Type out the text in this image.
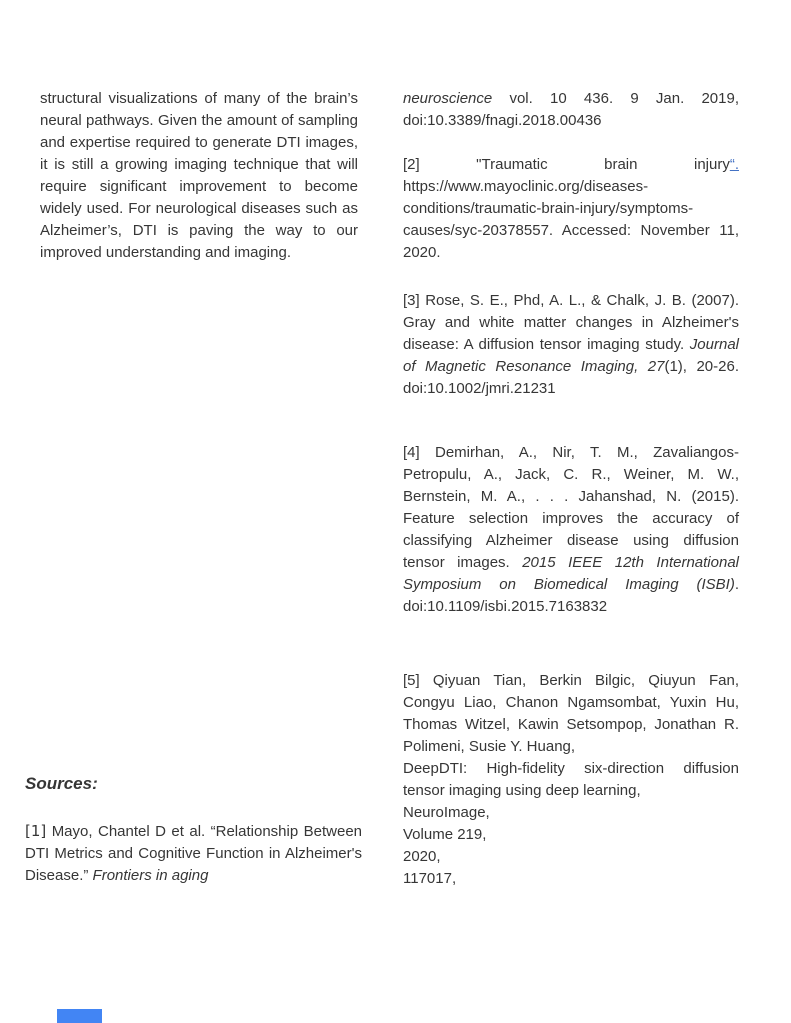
structural visualizations of many of the brain’s neural pathways. Given the amount of sampling and expertise required to generate DTI images, it is still a growing imaging technique that will require significant improvement to become widely used. For neurological diseases such as Alzheimer’s, DTI is paving the way to our improved understanding and imaging.

Sources:

[1] Mayo, Chantel D et al. “Relationship Between DTI Metrics and Cognitive Function in Alzheimer's Disease.” Frontiers in aging

neuroscience vol. 10 436. 9 Jan. 2019, doi:10.3389/fnagi.2018.00436

[2] "Traumatic brain injury“. https://www.mayoclinic.org/diseases-conditions/traumatic-brain-injury/symptoms-causes/syc-20378557. Accessed: November 11, 2020.

[3] Rose, S. E., Phd, A. L., & Chalk, J. B. (2007). Gray and white matter changes in Alzheimer's disease: A diffusion tensor imaging study. Journal of Magnetic Resonance Imaging, 27(1), 20-26. doi:10.1002/jmri.21231

[4] Demirhan, A., Nir, T. M., Zavaliangos-Petropulu, A., Jack, C. R., Weiner, M. W., Bernstein, M. A., . . . Jahanshad, N. (2015). Feature selection improves the accuracy of classifying Alzheimer disease using diffusion tensor images. 2015 IEEE 12th International Symposium on Biomedical Imaging (ISBI). doi:10.1109/isbi.2015.7163832

[5] Qiyuan Tian, Berkin Bilgic, Qiuyun Fan, Congyu Liao, Chanon Ngamsombat, Yuxin Hu, Thomas Witzel, Kawin Setsompop, Jonathan R. Polimeni, Susie Y. Huang,

DeepDTI: High-fidelity six-direction diffusion tensor imaging using deep learning,

NeuroImage,

Volume 219,

2020,

117017,
